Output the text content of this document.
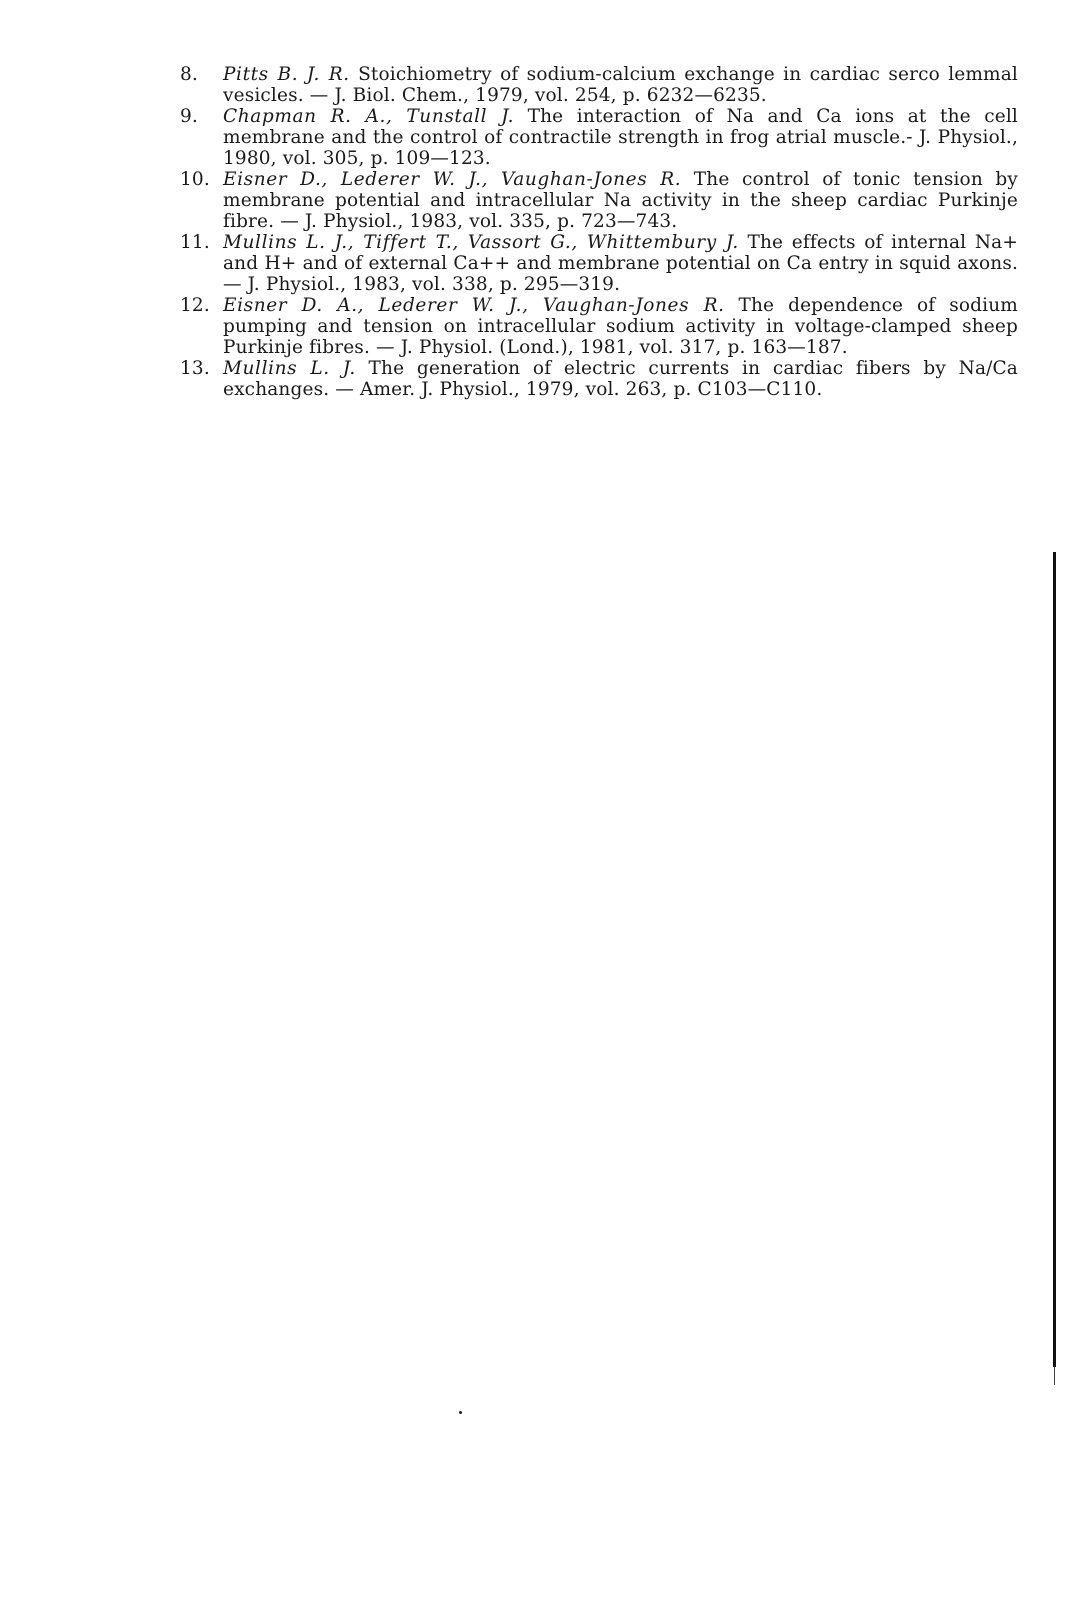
8.	Pitts B. J. R. Stoichiometry of sodium-calcium exchange in cardiac serco lemmal vesicles. — J. Biol. Chem., 1979, vol. 254, p. 6232—6235.
9.	Chapman R. A., Tunstall J. The interaction of Na and Ca ions at the cell membrane and the control of contractile strength in frog atrial muscle.- J. Physiol., 1980, vol. 305, p. 109—123.
10. Eisner D., Lederer W. J., Vaughan-Jones R. The control of tonic tension by membrane potential and intracellular Na activity in the sheep cardiac Purkinje fibre. — J. Physiol., 1983, vol. 335, p. 723—743.
11. Mullins L. J., Tiffert T., Vassort G., Whittembury J. The effects of internal Na+ and H+ and of external Ca++ and membrane potential on Ca entry in squid axons. — J. Physiol., 1983, vol. 338, p. 295—319.
12. Eisner D. A., Lederer W. J., Vaughan-Jones R. The dependence of sodium pumping and tension on intracellular sodium activity in voltage-clamped sheep Purkinje fibres. — J. Physiol. (Lond.), 1981, vol. 317, p. 163—187.
13. Mullins L. J. The generation of electric currents in cardiac fibers by Na/Ca exchanges. — Amer. J. Physiol., 1979, vol. 263, p. C103—C110.
